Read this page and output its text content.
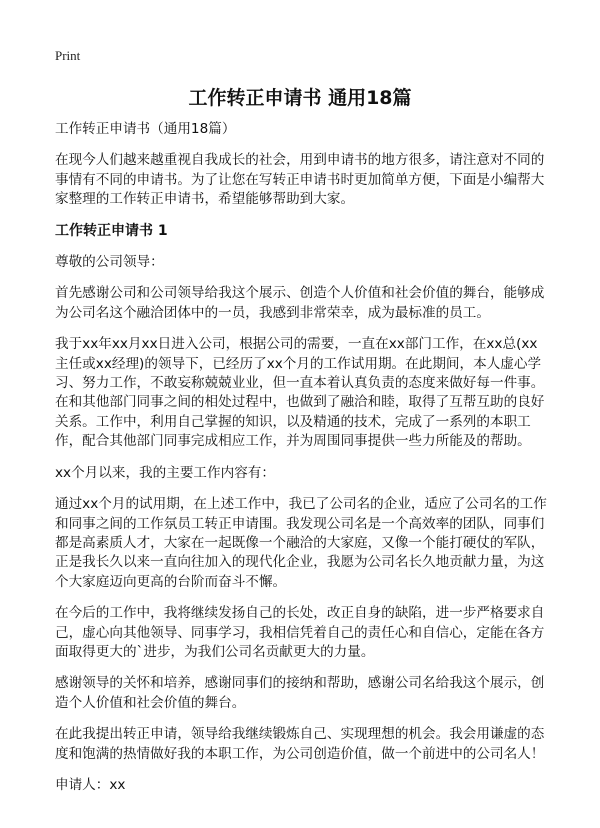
Print
工作转正申请书 通用18篇

工作转正申请书（通用18篇）

在现今人们越来越重视自我成长的社会，用到申请书的地方很多，请注意对不同的事情有不同的申请书。为了让您在写转正申请书时更加简单方便，下面是小编帮大家整理的工作转正申请书，希望能够帮助到大家。

工作转正申请书 1

尊敬的公司领导：

首先感谢公司和公司领导给我这个展示、创造个人价值和社会价值的舞台，能够成为公司名这个融洽团体中的一员，我感到非常荣幸，成为最标准的员工。

我于xx年xx月xx日进入公司，根据公司的需要，一直在xx部门工作，在xx总(xx主任或xx经理)的领导下，已经历了xx个月的工作试用期。在此期间，本人虚心学习、努力工作，不敢妄称兢兢业业，但一直本着认真负责的态度来做好每一件事。在和其他部门同事之间的相处过程中，也做到了融洽和睦，取得了互帮互助的良好关系。工作中，利用自己掌握的知识，以及精通的技术，完成了一系列的本职工作，配合其他部门同事完成相应工作，并为周围同事提供一些力所能及的帮助。

xx个月以来，我的主要工作内容有：

通过xx个月的试用期，在上述工作中，我已了公司名的企业，适应了公司名的工作和同事之间的工作氛员工转正申请围。我发现公司名是一个高效率的团队，同事们都是高素质人才，大家在一起既像一个融洽的大家庭，又像一个能打硬仗的军队，正是我长久以来一直向往加入的现代化企业，我愿为公司名长久地贡献力量，为这个大家庭迈向更高的台阶而奋斗不懈。

在今后的工作中，我将继续发扬自己的长处，改正自身的缺陷，进一步严格要求自己，虚心向其他领导、同事学习，我相信凭着自己的责任心和自信心，定能在各方面取得更大的`进步，为我们公司名贡献更大的力量。

感谢领导的关怀和培养，感谢同事们的接纳和帮助，感谢公司名给我这个展示，创造个人价值和社会价值的舞台。

在此我提出转正申请，领导给我继续锻炼自己、实现理想的机会。我会用谦虚的态度和饱满的热情做好我的本职工作，为公司创造价值，做一个前进中的公司名人！

申请人：xx
